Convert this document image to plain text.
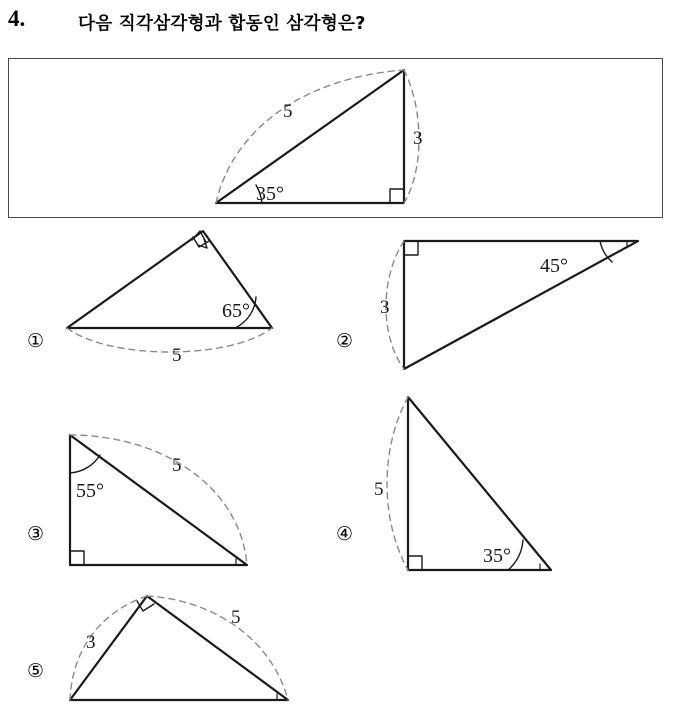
4.	다음 직각삼각형과 합동인 삼각형은?
5
3
35°
65°
5
45°
3
55°
5
35°
5
3
5
①	②
③	④
⑤
